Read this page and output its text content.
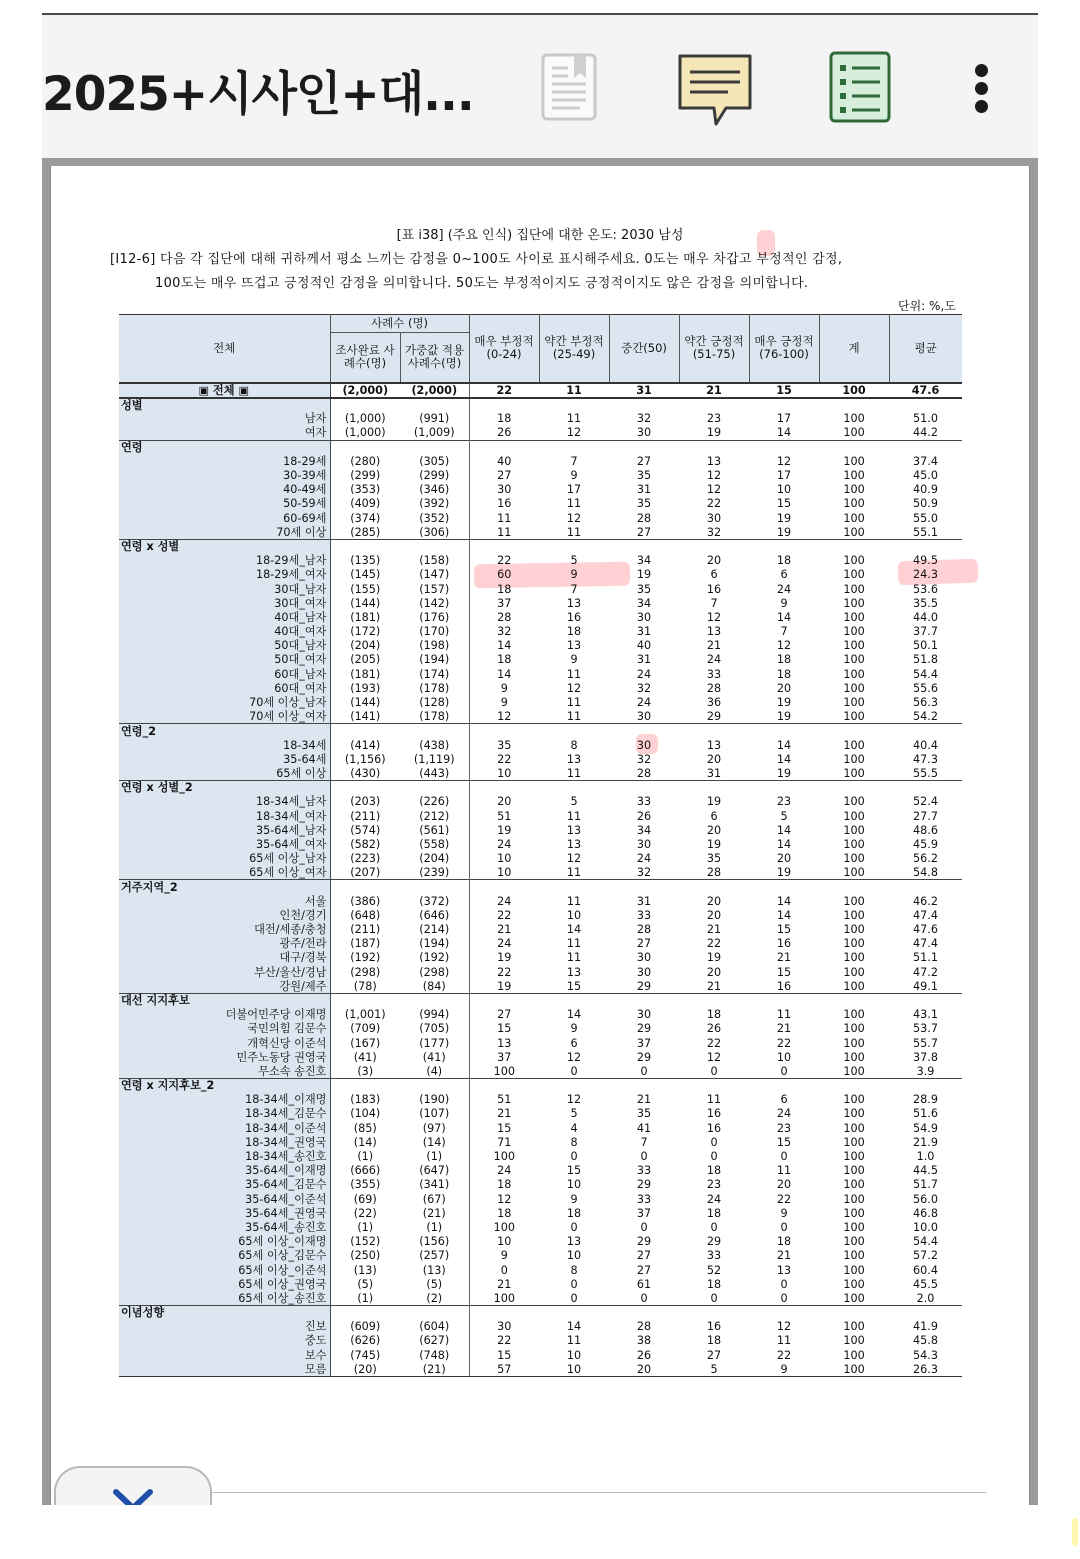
2025+시사인+대...
[표 i38] (주요 인식) 집단에 대한 온도: 2030 남성
[I12-6] 다음 각 집단에 대해 귀하께서 평소 느끼는 감정을 0~100도 사이로 표시해주세요. 0도는 매우 차갑고 부정적인 감정,
100도는 매우 뜨겁고 긍정적인 감정을 의미합니다. 50도는 부정적이지도 긍정적이지도 않은 감정을 의미합니다.
단위: %,도
전체	사례수 (명)		매우 부정적(0-24)	약간 부정적(25-49)	중간(50)	약간 긍정적(51-75)	매우 긍정적(76-100)	계	평균
	조사완료 사례수(명)	가중값 적용 사례수(명)							
▣ 전체 ▣	(2,000)	(2,000)	22	11	31	21	15	100	47.6
성별									
남자	(1,000)	(991)	18	11	32	23	17	100	51.0
여자	(1,000)	(1,009)	26	12	30	19	14	100	44.2
연령									
18-29세	(280)	(305)	40	7	27	13	12	100	37.4
30-39세	(299)	(299)	27	9	35	12	17	100	45.0
40-49세	(353)	(346)	30	17	31	12	10	100	40.9
50-59세	(409)	(392)	16	11	35	22	15	100	50.9
60-69세	(374)	(352)	11	12	28	30	19	100	55.0
70세 이상	(285)	(306)	11	11	27	32	19	100	55.1
연령 x 성별									
18-29세_남자	(135)	(158)	22	5	34	20	18	100	49.5
18-29세_여자	(145)	(147)	60	9	19	6	6	100	24.3
30대_남자	(155)	(157)	18	7	35	16	24	100	53.6
30대_여자	(144)	(142)	37	13	34	7	9	100	35.5
40대_남자	(181)	(176)	28	16	30	12	14	100	44.0
40대_여자	(172)	(170)	32	18	31	13	7	100	37.7
50대_남자	(204)	(198)	14	13	40	21	12	100	50.1
50대_여자	(205)	(194)	18	9	31	24	18	100	51.8
60대_남자	(181)	(174)	14	11	24	33	18	100	54.4
60대_여자	(193)	(178)	9	12	32	28	20	100	55.6
70세 이상_남자	(144)	(128)	9	11	24	36	19	100	56.3
70세 이상_여자	(141)	(178)	12	11	30	29	19	100	54.2
연령_2									
18-34세	(414)	(438)	35	8	30	13	14	100	40.4
35-64세	(1,156)	(1,119)	22	13	32	20	14	100	47.3
65세 이상	(430)	(443)	10	11	28	31	19	100	55.5
연령 x 성별_2									
18-34세_남자	(203)	(226)	20	5	33	19	23	100	52.4
18-34세_여자	(211)	(212)	51	11	26	6	5	100	27.7
35-64세_남자	(574)	(561)	19	13	34	20	14	100	48.6
35-64세_여자	(582)	(558)	24	13	30	19	14	100	45.9
65세 이상_남자	(223)	(204)	10	12	24	35	20	100	56.2
65세 이상_여자	(207)	(239)	10	11	32	28	19	100	54.8
거주지역_2									
서울	(386)	(372)	24	11	31	20	14	100	46.2
인천/경기	(648)	(646)	22	10	33	20	14	100	47.4
대전/세종/충청	(211)	(214)	21	14	28	21	15	100	47.6
광주/전라	(187)	(194)	24	11	27	22	16	100	47.4
대구/경북	(192)	(192)	19	11	30	19	21	100	51.1
부산/울산/경남	(298)	(298)	22	13	30	20	15	100	47.2
강원/제주	(78)	(84)	19	15	29	21	16	100	49.1
대선 지지후보									
더불어민주당 이재명	(1,001)	(994)	27	14	30	18	11	100	43.1
국민의힘 김문수	(709)	(705)	15	9	29	26	21	100	53.7
개혁신당 이준석	(167)	(177)	13	6	37	22	22	100	55.7
민주노동당 권영국	(41)	(41)	37	12	29	12	10	100	37.8
무소속 송진호	(3)	(4)	100	0	0	0	0	100	3.9
연령 x 지지후보_2									
18-34세_이재명	(183)	(190)	51	12	21	11	6	100	28.9
18-34세_김문수	(104)	(107)	21	5	35	16	24	100	51.6
18-34세_이준석	(85)	(97)	15	4	41	16	23	100	54.9
18-34세_권영국	(14)	(14)	71	8	7	0	15	100	21.9
18-34세_송진호	(1)	(1)	100	0	0	0	0	100	1.0
35-64세_이재명	(666)	(647)	24	15	33	18	11	100	44.5
35-64세_김문수	(355)	(341)	18	10	29	23	20	100	51.7
35-64세_이준석	(69)	(67)	12	9	33	24	22	100	56.0
35-64세_권영국	(22)	(21)	18	18	37	18	9	100	46.8
35-64세_송진호	(1)	(1)	100	0	0	0	0	100	10.0
65세 이상_이재명	(152)	(156)	10	13	29	29	18	100	54.4
65세 이상_김문수	(250)	(257)	9	10	27	33	21	100	57.2
65세 이상_이준석	(13)	(13)	0	8	27	52	13	100	60.4
65세 이상_권영국	(5)	(5)	21	0	61	18	0	100	45.5
65세 이상_송진호	(1)	(2)	100	0	0	0	0	100	2.0
이념성향									
진보	(609)	(604)	30	14	28	16	12	100	41.9
중도	(626)	(627)	22	11	38	18	11	100	45.8
보수	(745)	(748)	15	10	26	27	22	100	54.3
모름	(20)	(21)	57	10	20	5	9	100	26.3
